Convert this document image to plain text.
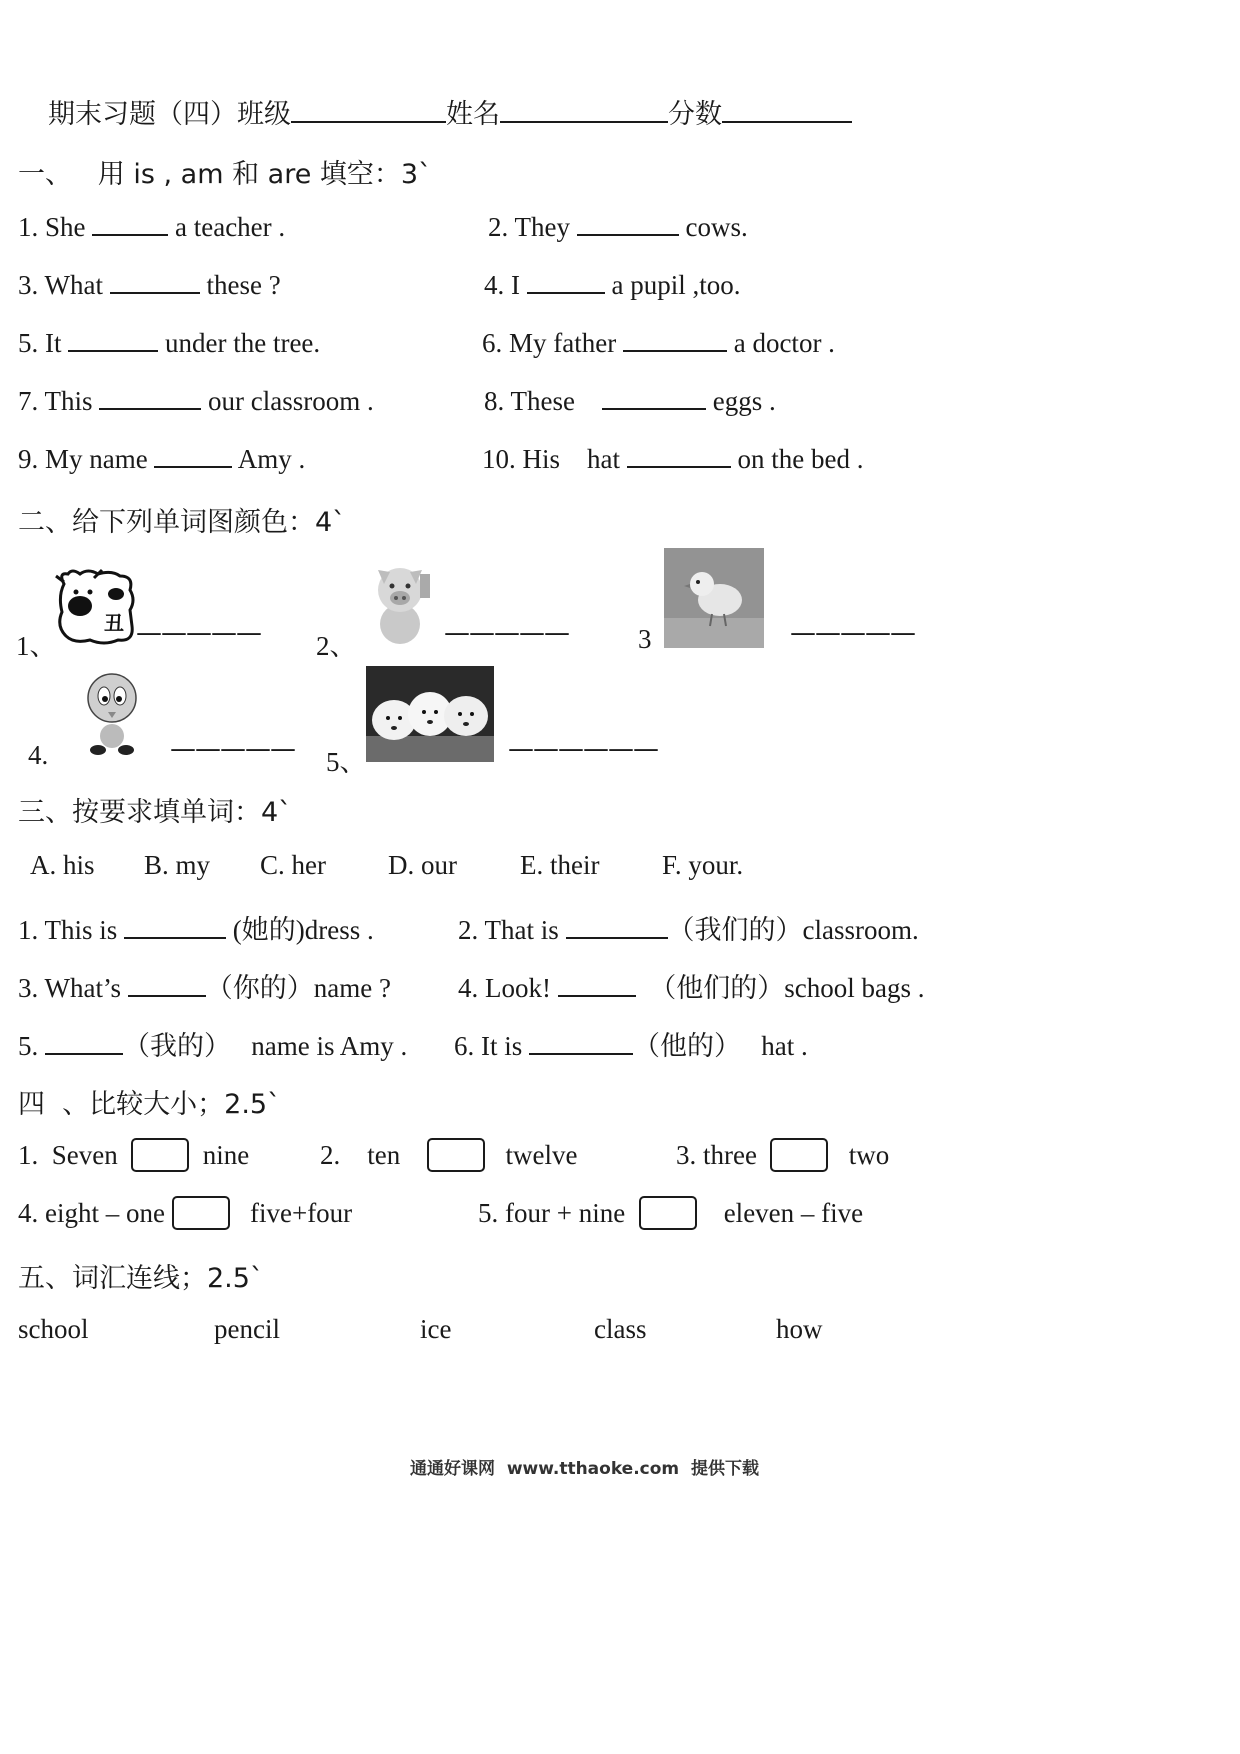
期末习题（四）班级	姓名	分数
一、 用 is , am 和 are 填空：3`
1. She	a teacher .	2. They	cows.
3. What	these ?	4. I	a pupil ,too.
5. It	under the tree.	6. My father	a doctor .
7. This	our classroom .	8. These	eggs .
9. My name	Amy .	10. His    hat	on the bed .
二、给下列单词图颜色：4`
丑
1、	————— 2、	—————	3	—————
4.	————— 5、	——————
三、按要求填单词：4`
A. his B. my C. her D. our E. their F. your.
1. This is	(她的)dress .	2. That is	（我们的）classroom.
3. What’s	（你的）name ? 4. Look!	（他们的）school bags .
5.	（我的）   name is Amy . 6. It is	（他的）   hat .
四  、比较大小；2.5`
1.  Seven	nine	2.    ten	twelve	3. three	two
4. eight – one	five+four	5. four + nine	eleven – five
五、词汇连线；2.5`
school	pencil	ice	class	how
通通好课网  www.tthaoke.com  提供下载
